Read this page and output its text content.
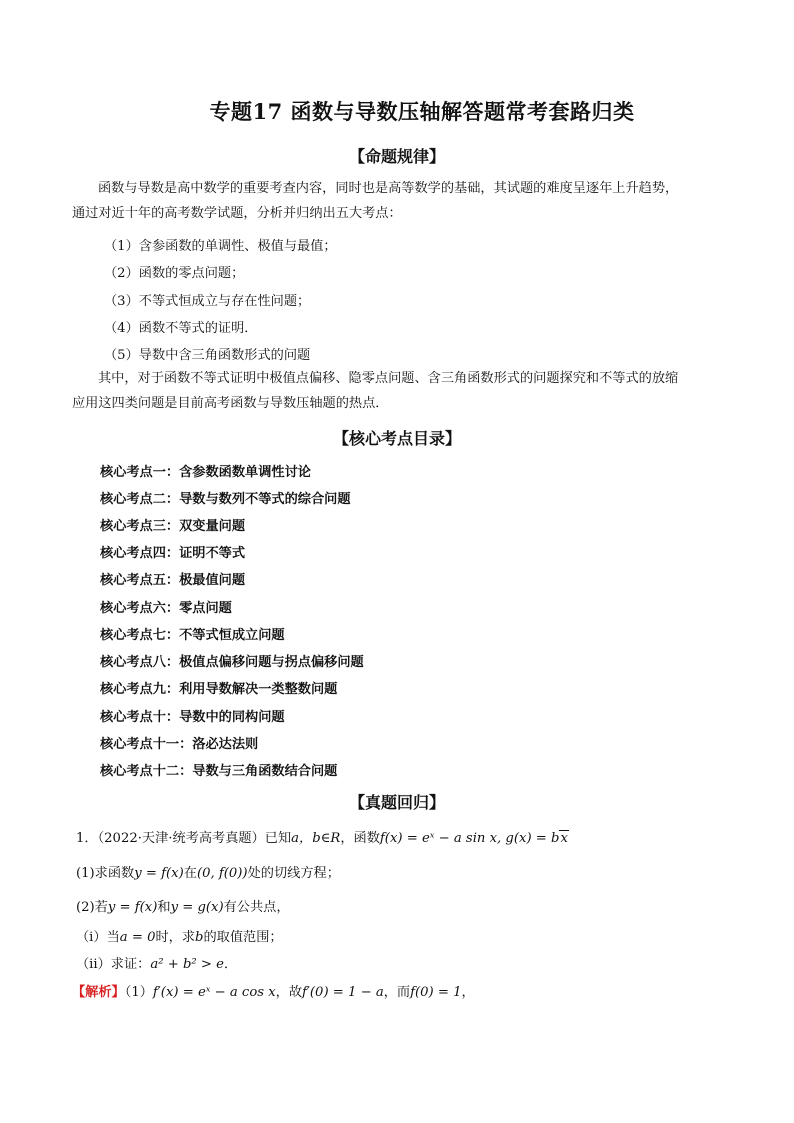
专题17 函数与导数压轴解答题常考套路归类
【命题规律】
函数与导数是高中数学的重要考查内容，同时也是高等数学的基础，其试题的难度呈逐年上升趋势，
通过对近十年的高考数学试题，分析并归纳出五大考点：
（1）含参函数的单调性、极值与最值；
（2）函数的零点问题；
（3）不等式恒成立与存在性问题；
（4）函数不等式的证明．
（5）导数中含三角函数形式的问题
其中，对于函数不等式证明中极值点偏移、隐零点问题、含三角函数形式的问题探究和不等式的放缩
应用这四类问题是目前高考函数与导数压轴题的热点．
【核心考点目录】
核心考点一：含参数函数单调性讨论
核心考点二：导数与数列不等式的综合问题
核心考点三：双变量问题
核心考点四：证明不等式
核心考点五：极最值问题
核心考点六：零点问题
核心考点七：不等式恒成立问题
核心考点八：极值点偏移问题与拐点偏移问题
核心考点九：利用导数解决一类整数问题
核心考点十：导数中的同构问题
核心考点十一：洛必达法则
核心考点十二：导数与三角函数结合问题
【真题回归】
1．（2022·天津·统考高考真题）已知a，b∈R，函数f(x) = eˣ − a sin x, g(x) = bx
(1)求函数y = f(x)在(0, f(0))处的切线方程；
(2)若y = f(x)和y = g(x)有公共点，
（i）当a = 0时，求b的取值范围；
（ii）求证：a² + b² > e．
【解析】（1）f′(x) = eˣ − a cos x，故f′(0) = 1 − a，而f(0) = 1，
